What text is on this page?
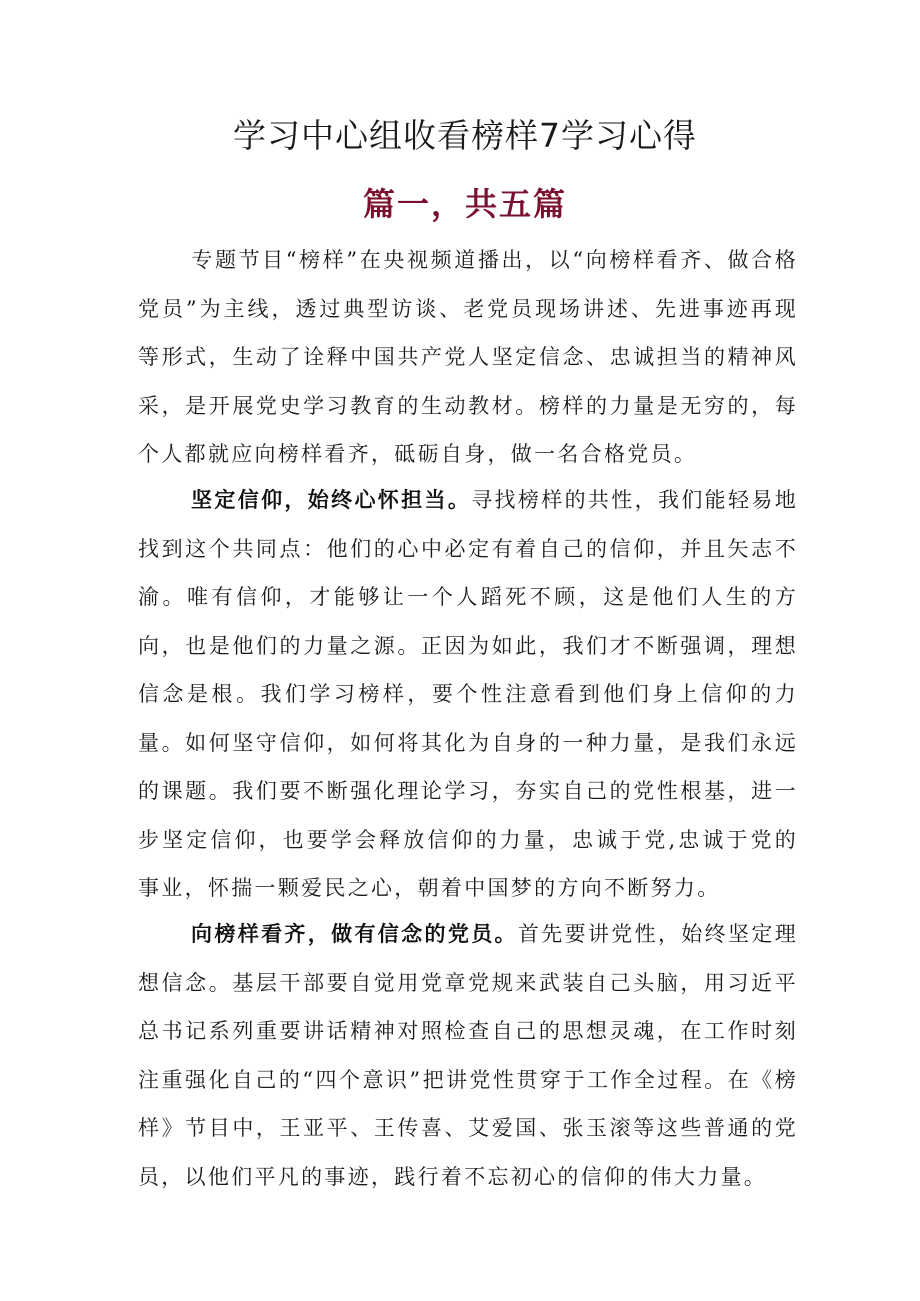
学习中心组收看榜样7学习心得
篇一，共五篇

专题节目“榜样”在央视频道播出，以“向榜样看齐、做合格党员”为主线，透过典型访谈、老党员现场讲述、先进事迹再现等形式，生动了诠释中国共产党人坚定信念、忠诚担当的精神风采，是开展党史学习教育的生动教材。榜样的力量是无穷的，每个人都就应向榜样看齐，砥砺自身，做一名合格党员。

坚定信仰，始终心怀担当。寻找榜样的共性，我们能轻易地找到这个共同点：他们的心中必定有着自己的信仰，并且矢志不渝。唯有信仰，才能够让一个人蹈死不顾，这是他们人生的方向，也是他们的力量之源。正因为如此，我们才不断强调，理想信念是根。我们学习榜样，要个性注意看到他们身上信仰的力量。如何坚守信仰，如何将其化为自身的一种力量，是我们永远的课题。我们要不断强化理论学习，夯实自己的党性根基，进一步坚定信仰，也要学会释放信仰的力量，忠诚于党,忠诚于党的事业，怀揣一颗爱民之心，朝着中国梦的方向不断努力。

向榜样看齐，做有信念的党员。首先要讲党性，始终坚定理想信念。基层干部要自觉用党章党规来武装自己头脑，用习近平总书记系列重要讲话精神对照检查自己的思想灵魂，在工作时刻注重强化自己的“四个意识”把讲党性贯穿于工作全过程。在《榜样》节目中，王亚平、王传喜、艾爱国、张玉滚等这些普通的党员，以他们平凡的事迹，践行着不忘初心的信仰的伟大力量。
